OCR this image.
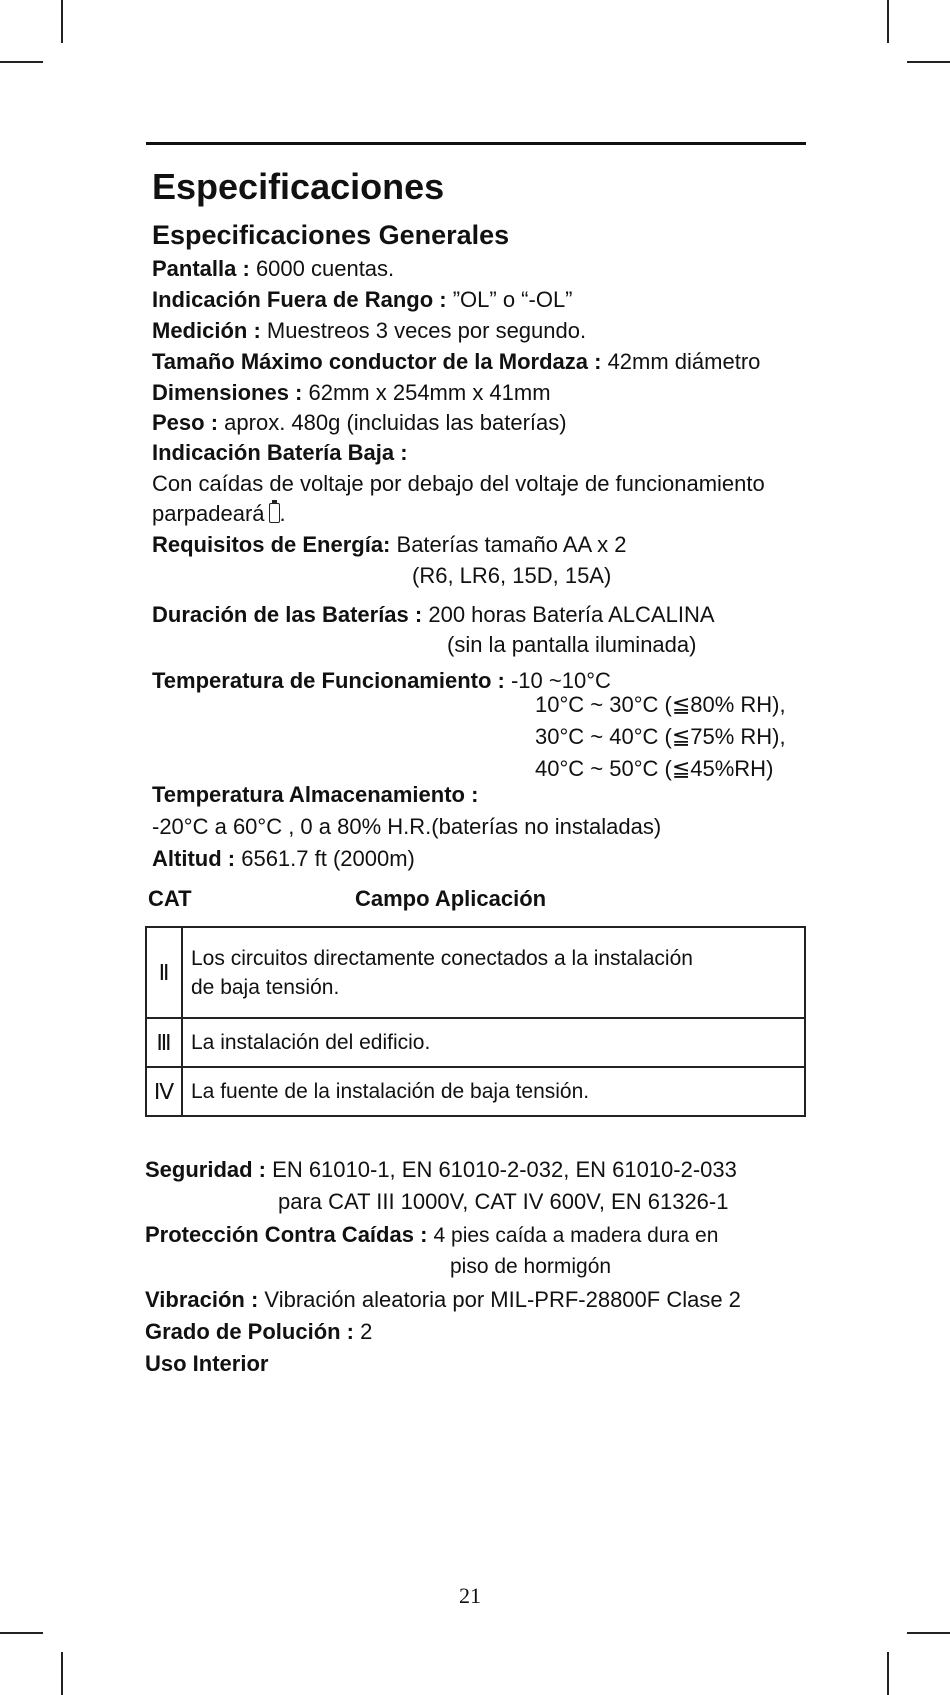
Especificaciones
Especificaciones Generales
Pantalla : 6000 cuentas.
Indicación Fuera de Rango : ”OL” o “-OL”
Medición : Muestreos 3 veces por segundo.
Tamaño Máximo conductor de la Mordaza : 42mm diámetro
Dimensiones : 62mm x 254mm x 41mm
Peso : aprox. 480g (incluidas las baterías)
Indicación Batería Baja :
Con caídas de voltaje por debajo del voltaje de funcionamiento
parpadeará .
Requisitos de Energía: Baterías tamaño AA x 2
(R6, LR6, 15D, 15A)
Duración de las Baterías : 200 horas Batería ALCALINA
(sin la pantalla iluminada)
Temperatura de Funcionamiento : -10 ~10°C
10°C ~ 30°C (≦80% RH),
30°C ~ 40°C (≦75% RH),
40°C ~ 50°C (≦45%RH)
Temperatura Almacenamiento :
-20°C a 60°C , 0 a 80% H.R.(baterías no instaladas)
Altitud : 6561.7 ft (2000m)
CAT	Campo Aplicación
Ⅱ	Los circuitos directamente conectados a la instalación
de baja tensión.
Ⅲ	La instalación del edificio.
Ⅳ	La fuente de la instalación de baja tensión.
Seguridad : EN 61010-1, EN 61010-2-032, EN 61010-2-033
para CAT III 1000V, CAT IV 600V, EN 61326-1
Protección Contra Caídas : 4 pies caída a madera dura en
piso de hormigón
Vibración : Vibración aleatoria por MIL-PRF-28800F Clase 2
Grado de Polución : 2
Uso Interior
21
